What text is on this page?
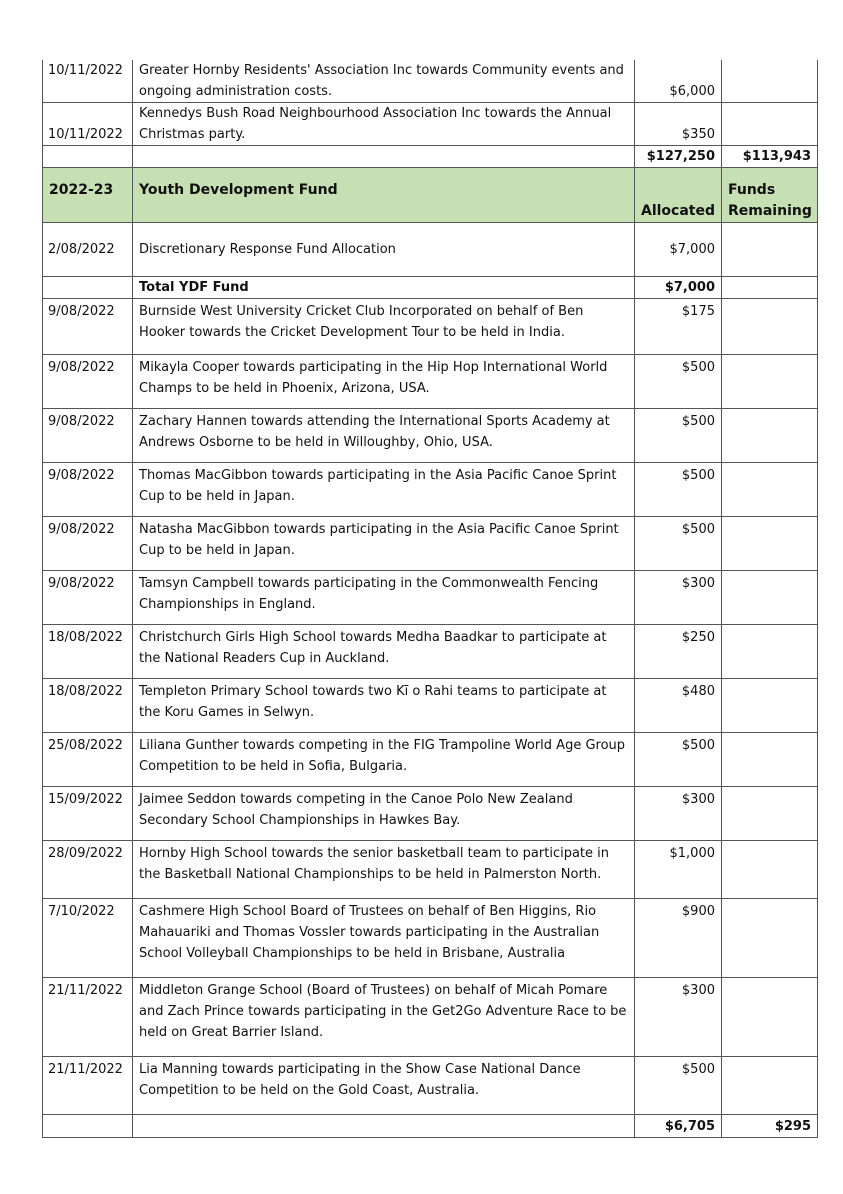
10/11/2022	Greater Hornby Residents' Association Inc towards Community events and ongoing administration costs.	$6,000	
10/11/2022	Kennedys Bush Road Neighbourhood Association Inc towards the Annual Christmas party.	$350	
		$127,250	$113,943
2022-23	Youth Development Fund	Allocated	Funds Remaining
2/08/2022	Discretionary Response Fund Allocation	$7,000	
	Total YDF Fund	$7,000	
9/08/2022	Burnside West University Cricket Club Incorporated on behalf of Ben Hooker towards the Cricket Development Tour to be held in India.	$175	
9/08/2022	Mikayla Cooper towards participating in the Hip Hop International World Champs to be held in Phoenix, Arizona, USA.	$500	
9/08/2022	Zachary Hannen towards attending the International Sports Academy at Andrews Osborne to be held in Willoughby, Ohio, USA.	$500	
9/08/2022	Thomas MacGibbon towards participating in the Asia Pacific Canoe Sprint Cup to be held in Japan.	$500	
9/08/2022	Natasha MacGibbon towards participating in the Asia Pacific Canoe Sprint Cup to be held in Japan.	$500	
9/08/2022	Tamsyn Campbell towards participating in the Commonwealth Fencing Championships in England.	$300	
18/08/2022	Christchurch Girls High School towards Medha Baadkar to participate at the National Readers Cup in Auckland.	$250	
18/08/2022	Templeton Primary School towards two Kī o Rahi teams to participate at the Koru Games in Selwyn.	$480	
25/08/2022	Liliana Gunther towards competing in the FIG Trampoline World Age Group Competition to be held in Sofia, Bulgaria.	$500	
15/09/2022	Jaimee Seddon towards competing in the Canoe Polo New Zealand Secondary School Championships in Hawkes Bay.	$300	
28/09/2022	Hornby High School towards the senior basketball team to participate in the Basketball National Championships to be held in Palmerston North.	$1,000	
7/10/2022	Cashmere High School Board of Trustees on behalf of Ben Higgins, Rio Mahauariki and Thomas Vossler towards participating in the Australian School Volleyball Championships to be held in Brisbane, Australia	$900	
21/11/2022	Middleton Grange School (Board of Trustees) on behalf of Micah Pomare and Zach Prince towards participating in the Get2Go Adventure Race to be held on Great Barrier Island.	$300	
21/11/2022	Lia Manning towards participating in the Show Case National Dance Competition to be held on the Gold Coast, Australia.	$500	
		$6,705	$295
